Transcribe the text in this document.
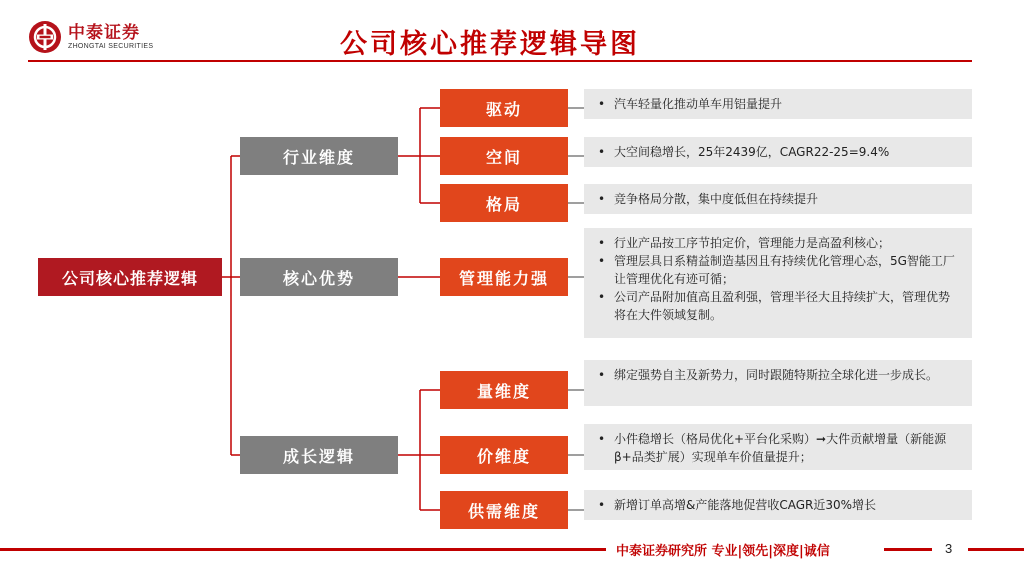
中泰证券
ZHONGTAI SECURITIES	公司核心推荐逻辑导图
公司核心推荐逻辑
行业维度
核心优势
成长逻辑
驱动
空间
格局
管理能力强
量维度
价维度
供需维度
• 汽车轻量化推动单车用铝量提升
• 大空间稳增长，25年2439亿，CAGR22-25=9.4%
• 竞争格局分散，集中度低但在持续提升
• 行业产品按工序节拍定价，管理能力是高盈利核心；
• 管理层具日系精益制造基因且有持续优化管理心态，5G智能工厂让管理优化有迹可循；
• 公司产品附加值高且盈利强，管理半径大且持续扩大，管理优势将在大件领域复制。
• 绑定强势自主及新势力，同时跟随特斯拉全球化进一步成长。
• 小件稳增长（格局优化+平台化采购）➞大件贡献增量（新能源β+品类扩展）实现单车价值量提升；
• 新增订单高增&产能落地促营收CAGR近30%增长
中泰证券研究所 专业|领先|深度|诚信	3
